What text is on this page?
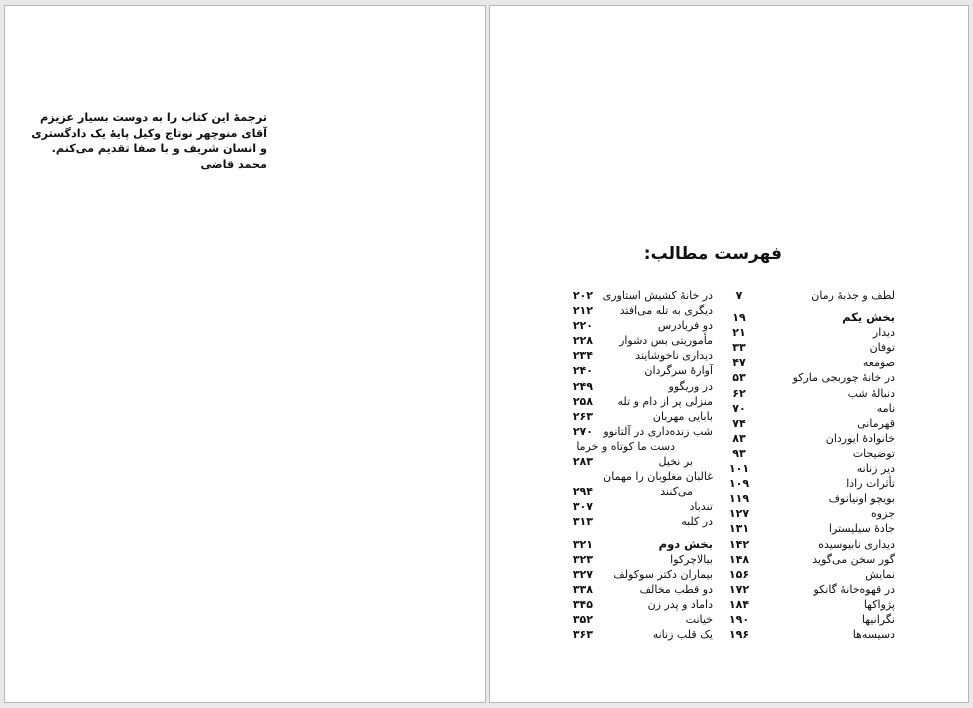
ترجمهٔ این کتاب را به دوست بسیار عزیزم
آقای منوچهر نوتاج وکیل پایهٔ یک دادگستری
و انسان شریف و با صفا تقدیم می‌کنم.
محمد قاضی
فهرست مطالب:
لطف و جذبهٔ رمان
۷
بخش یکم
۱۹
دیدار
۲۱
توفان
۳۳
صومعه
۴۷
در خانهٔ چوربجی مارکو
۵۳
دنبالهٔ شب
۶۲
نامه
۷۰
قهرمانی
۷۴
خانوادهٔ ایوردان
۸۳
توضیحات
۹۳
دیر زنانه
۱۰۱
تأثرات رادا
۱۰۹
بویچو اونیانوف
۱۱۹
جزوه
۱۲۷
جادهٔ سیلیسترا
۱۳۱
دیداری نابیوسیده
۱۴۲
گور سخن می‌گوید
۱۴۸
نمایش
۱۵۶
در قهوه‌خانهٔ گانکو
۱۷۲
پژواکها
۱۸۴
نگرانیها
۱۹۰
دسیسه‌ها
۱۹۶
در خانهٔ کشیش استاوری
۲۰۲
دیگری به تله می‌افتد
۲۱۲
دو فریادرس
۲۲۰
مأموریتی بس دشوار
۲۲۸
دیداری ناخوشایند
۲۳۴
آوارهٔ سرگردان
۲۴۰
در وریگوو
۲۴۹
منزلی پر از دام و تله
۲۵۸
بابایی مهربان
۲۶۳
شب زنده‌داری در آلتانوو
۲۷۰
دست ما کوتاه و خرما
بر نخیل
۲۸۳
غالبان مغلوبان را مهمان
می‌کنند
۲۹۴
تندباد
۳۰۷
در کلبه
۳۱۳
بخش دوم
۳۲۱
بیالاچرکوا
۳۲۳
بیماران دکتر سوکولف
۳۲۷
دو قطب مخالف
۳۳۸
داماد و پدر زن
۳۴۵
خیانت
۳۵۲
یک قلب زنانه
۳۶۳
